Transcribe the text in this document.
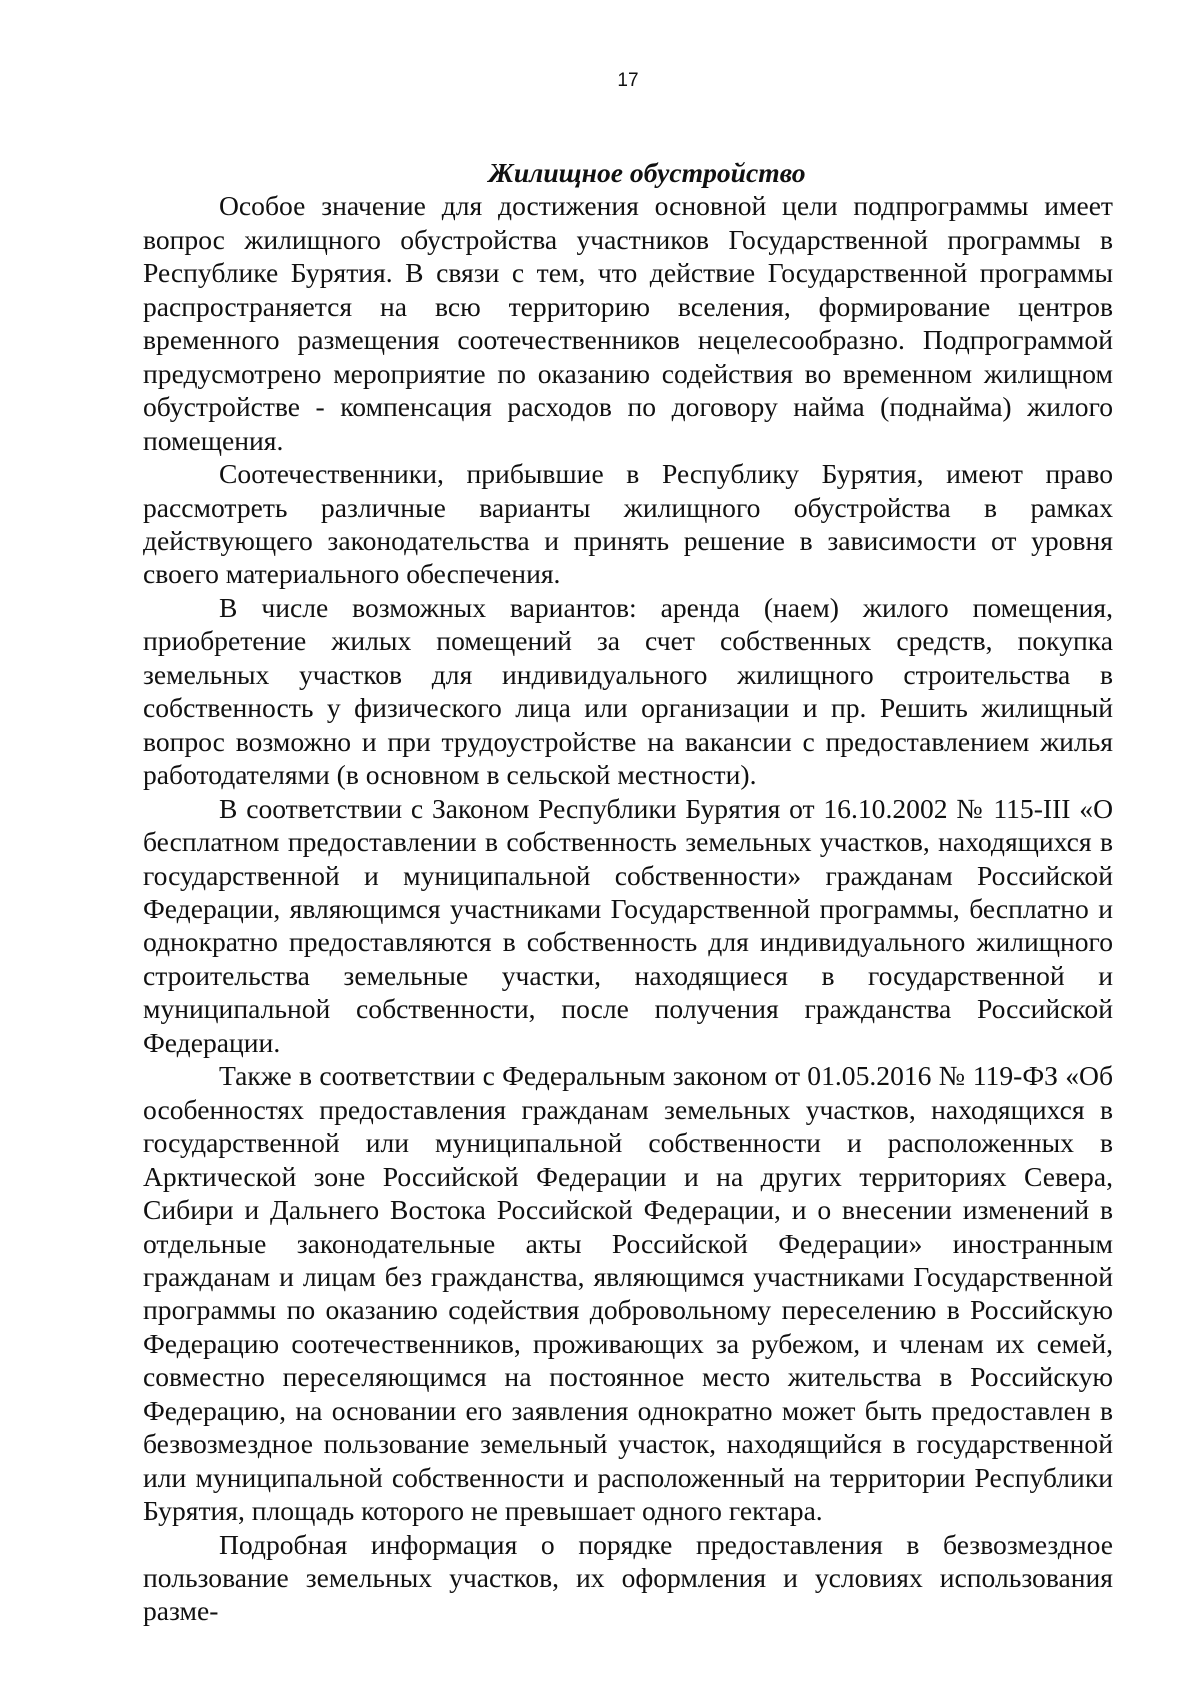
17

Жилищное обустройство

Особое значение для достижения основной цели подпрограммы имеет вопрос жилищного обустройства участников Государственной программы в Республике Бурятия. В связи с тем, что действие Государственной программы распространяется на всю территорию вселения, формирование центров временного размещения соотечественников нецелесообразно. Подпрограммой предусмотрено мероприятие по оказанию содействия во временном жилищном обустройстве - компенсация расходов по договору найма (поднайма) жилого помещения.

Соотечественники, прибывшие в Республику Бурятия, имеют право рассмотреть различные варианты жилищного обустройства в рамках действующего законодательства и принять решение в зависимости от уровня своего материального обеспечения.

В числе возможных вариантов: аренда (наем) жилого помещения, приобретение жилых помещений за счет собственных средств, покупка земельных участков для индивидуального жилищного строительства в собственность у физического лица или организации и пр. Решить жилищный вопрос возможно и при трудоустройстве на вакансии с предоставлением жилья работодателями (в основном в сельской местности).

В соответствии с Законом Республики Бурятия от 16.10.2002 № 115-III «О бесплатном предоставлении в собственность земельных участков, находящихся в государственной и муниципальной собственности» гражданам Российской Федерации, являющимся участниками Государственной программы, бесплатно и однократно предоставляются в собственность для индивидуального жилищного строительства земельные участки, находящиеся в государственной и муниципальной собственности, после получения гражданства Российской Федерации.

Также в соответствии с Федеральным законом от 01.05.2016 № 119-ФЗ «Об особенностях предоставления гражданам земельных участков, находящихся в государственной или муниципальной собственности и расположенных в Арктической зоне Российской Федерации и на других территориях Севера, Сибири и Дальнего Востока Российской Федерации, и о внесении изменений в отдельные законодательные акты Российской Федерации» иностранным гражданам и лицам без гражданства, являющимся участниками Государственной программы по оказанию содействия добровольному переселению в Российскую Федерацию соотечественников, проживающих за рубежом, и членам их семей, совместно переселяющимся на постоянное место жительства в Российскую Федерацию, на основании его заявления однократно может быть предоставлен в безвозмездное пользование земельный участок, находящийся в государственной или муниципальной собственности и расположенный на территории Республики Бурятия, площадь которого не превышает одного гектара.

Подробная информация о порядке предоставления в безвозмездное пользование земельных участков, их оформления и условиях использования разме-
